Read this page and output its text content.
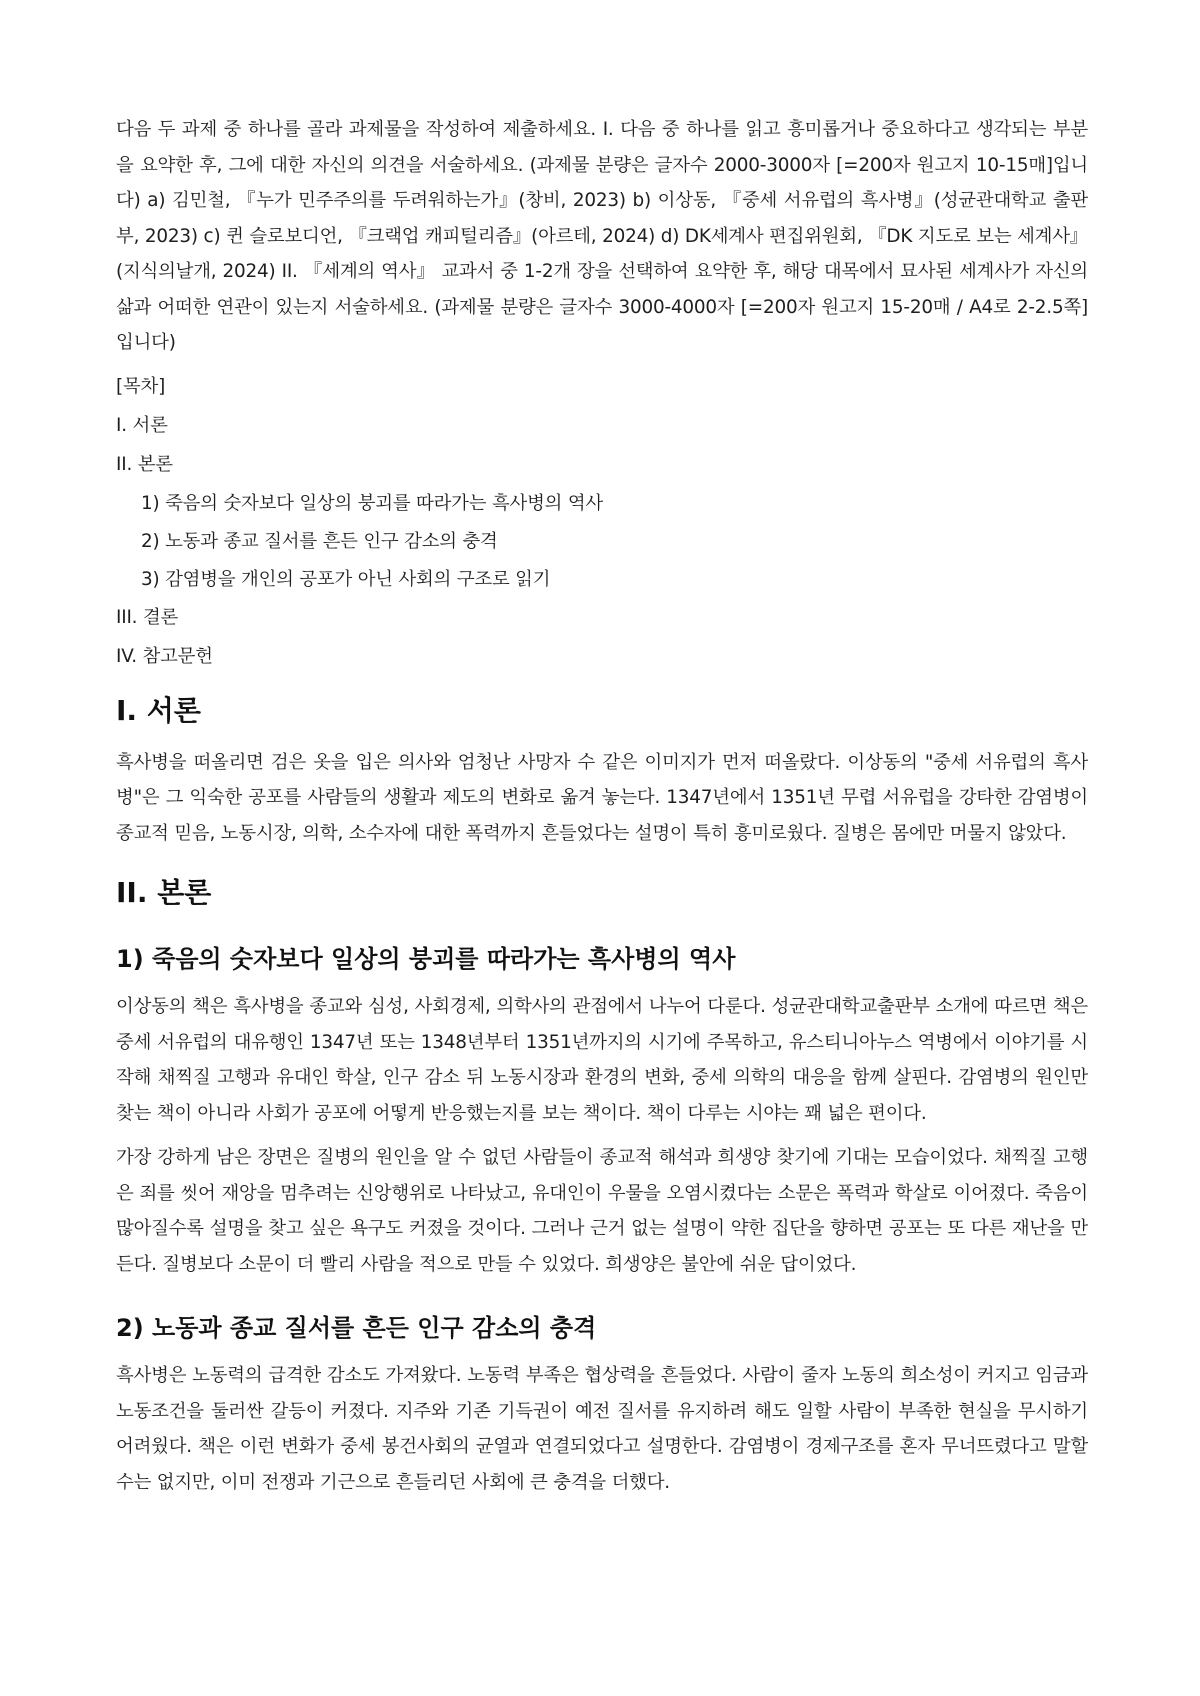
다음 두 과제 중 하나를 골라 과제물을 작성하여 제출하세요. I. 다음 중 하나를 읽고 흥미롭거나 중요하다고 생각되는 부분을 요약한 후, 그에 대한 자신의 의견을 서술하세요. (과제물 분량은 글자수 2000-3000자 [=200자 원고지 10-15매]입니다) a) 김민철, 『누가 민주주의를 두려워하는가』(창비, 2023) b) 이상동, 『중세 서유럽의 흑사병』(성균관대학교 출판부, 2023) c) 퀸 슬로보디언, 『크랙업 캐피털리즘』(아르테, 2024) d) DK세계사 편집위원회, 『DK 지도로 보는 세계사』(지식의날개, 2024) II. 『세계의 역사』 교과서 중 1-2개 장을 선택하여 요약한 후, 해당 대목에서 묘사된 세계사가 자신의 삶과 어떠한 연관이 있는지 서술하세요. (과제물 분량은 글자수 3000-4000자 [=200자 원고지 15-20매 / A4로 2-2.5쪽]입니다)

[목차]
I. 서론
II. 본론
1) 죽음의 숫자보다 일상의 붕괴를 따라가는 흑사병의 역사
2) 노동과 종교 질서를 흔든 인구 감소의 충격
3) 감염병을 개인의 공포가 아닌 사회의 구조로 읽기
III. 결론
IV. 참고문헌
I. 서론

흑사병을 떠올리면 검은 옷을 입은 의사와 엄청난 사망자 수 같은 이미지가 먼저 떠올랐다. 이상동의 "중세 서유럽의 흑사병"은 그 익숙한 공포를 사람들의 생활과 제도의 변화로 옮겨 놓는다. 1347년에서 1351년 무렵 서유럽을 강타한 감염병이 종교적 믿음, 노동시장, 의학, 소수자에 대한 폭력까지 흔들었다는 설명이 특히 흥미로웠다. 질병은 몸에만 머물지 않았다.

II. 본론
1) 죽음의 숫자보다 일상의 붕괴를 따라가는 흑사병의 역사

이상동의 책은 흑사병을 종교와 심성, 사회경제, 의학사의 관점에서 나누어 다룬다. 성균관대학교출판부 소개에 따르면 책은 중세 서유럽의 대유행인 1347년 또는 1348년부터 1351년까지의 시기에 주목하고, 유스티니아누스 역병에서 이야기를 시작해 채찍질 고행과 유대인 학살, 인구 감소 뒤 노동시장과 환경의 변화, 중세 의학의 대응을 함께 살핀다. 감염병의 원인만 찾는 책이 아니라 사회가 공포에 어떻게 반응했는지를 보는 책이다. 책이 다루는 시야는 꽤 넓은 편이다.

가장 강하게 남은 장면은 질병의 원인을 알 수 없던 사람들이 종교적 해석과 희생양 찾기에 기대는 모습이었다. 채찍질 고행은 죄를 씻어 재앙을 멈추려는 신앙행위로 나타났고, 유대인이 우물을 오염시켰다는 소문은 폭력과 학살로 이어졌다. 죽음이 많아질수록 설명을 찾고 싶은 욕구도 커졌을 것이다. 그러나 근거 없는 설명이 약한 집단을 향하면 공포는 또 다른 재난을 만든다. 질병보다 소문이 더 빨리 사람을 적으로 만들 수 있었다. 희생양은 불안에 쉬운 답이었다.

2) 노동과 종교 질서를 흔든 인구 감소의 충격

흑사병은 노동력의 급격한 감소도 가져왔다. 노동력 부족은 협상력을 흔들었다. 사람이 줄자 노동의 희소성이 커지고 임금과 노동조건을 둘러싼 갈등이 커졌다. 지주와 기존 기득권이 예전 질서를 유지하려 해도 일할 사람이 부족한 현실을 무시하기 어려웠다. 책은 이런 변화가 중세 봉건사회의 균열과 연결되었다고 설명한다. 감염병이 경제구조를 혼자 무너뜨렸다고 말할 수는 없지만, 이미 전쟁과 기근으로 흔들리던 사회에 큰 충격을 더했다.
